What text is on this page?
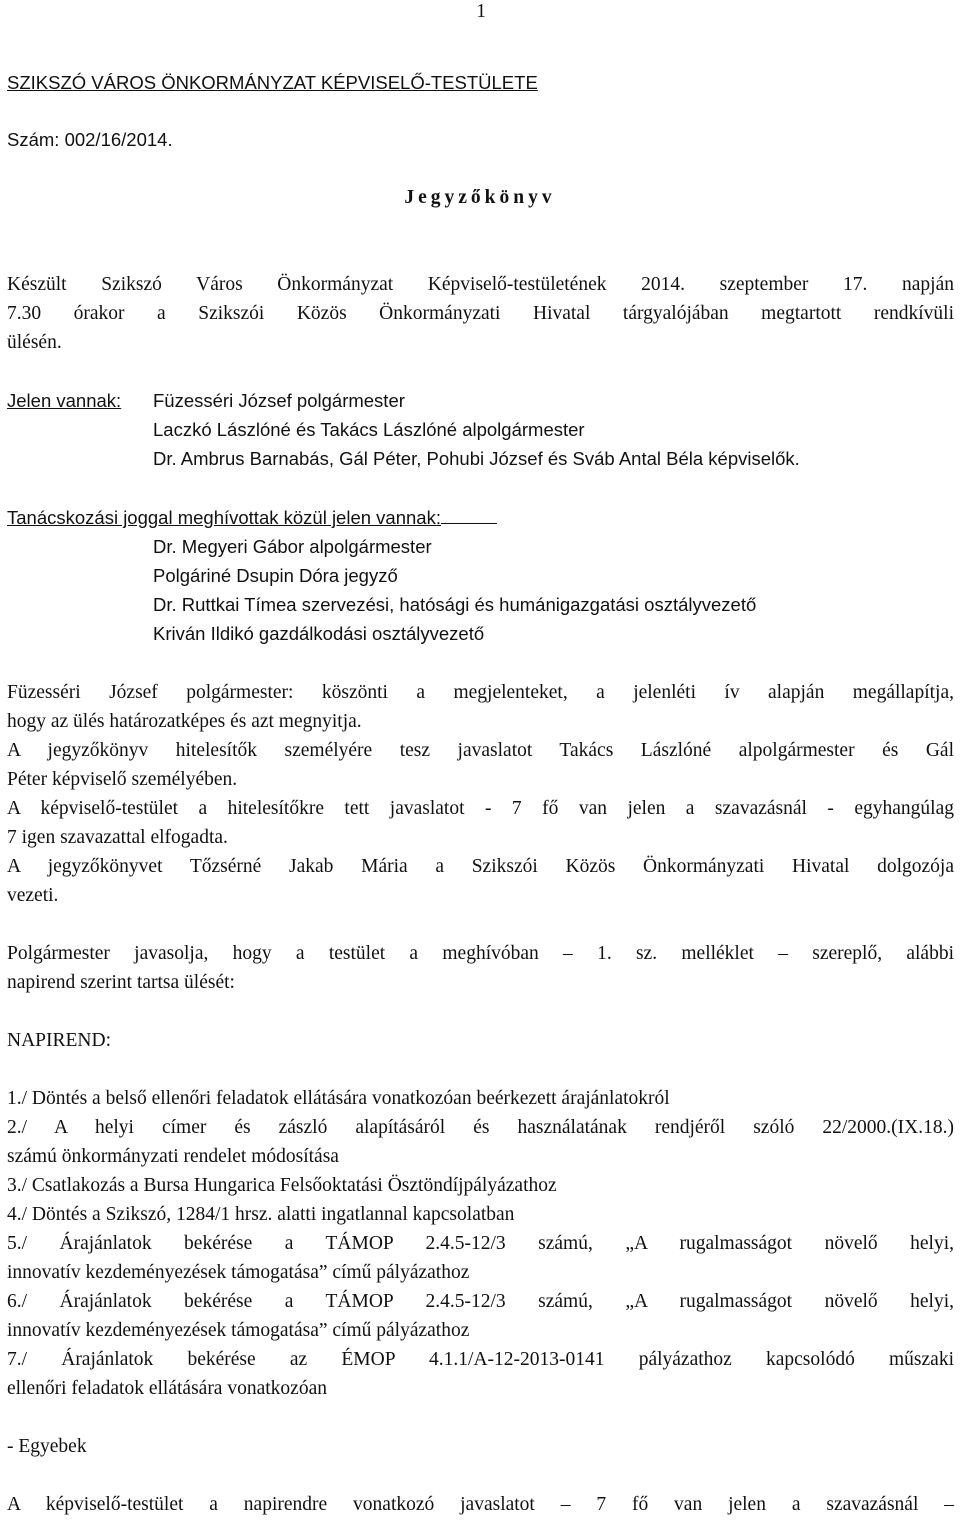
1
SZIKSZÓ VÁROS ÖNKORMÁNYZAT KÉPVISELŐ-TESTÜLETE
Szám: 002/16/2014.
Jegyzőkönyv
Készült Szikszó Város Önkormányzat Képviselő-testületének 2014. szeptember 17. napján
7.30 órakor a Szikszói Közös Önkormányzati Hivatal tárgyalójában megtartott rendkívüli
ülésén.
Jelen vannak: Füzesséri József polgármester
Laczkó Lászlóné és Takács Lászlóné alpolgármester
Dr. Ambrus Barnabás, Gál Péter, Pohubi József és Sváb Antal Béla képviselők.
Tanácskozási joggal meghívottak közül jelen vannak:
Dr. Megyeri Gábor alpolgármester
Polgáriné Dsupin Dóra jegyző
Dr. Ruttkai Tímea szervezési, hatósági és humánigazgatási osztályvezető
Kriván Ildikó gazdálkodási osztályvezető
Füzesséri József polgármester: köszönti a megjelenteket, a jelenléti ív alapján megállapítja,
hogy az ülés határozatképes és azt megnyitja.
A jegyzőkönyv hitelesítők személyére tesz javaslatot Takács Lászlóné alpolgármester és Gál
Péter képviselő személyében.
A képviselő-testület a hitelesítőkre tett javaslatot - 7 fő van jelen a szavazásnál - egyhangúlag
7 igen szavazattal elfogadta.
A jegyzőkönyvet Tőzsérné Jakab Mária a Szikszói Közös Önkormányzati Hivatal dolgozója
vezeti.
Polgármester javasolja, hogy a testület a meghívóban – 1. sz. melléklet – szereplő, alábbi
napirend szerint tartsa ülését:
NAPIREND:
1./ Döntés a belső ellenőri feladatok ellátására vonatkozóan beérkezett árajánlatokról
2./ A helyi címer és zászló alapításáról és használatának rendjéről szóló 22/2000.(IX.18.)
számú önkormányzati rendelet módosítása
3./ Csatlakozás a Bursa Hungarica Felsőoktatási Ösztöndíjpályázathoz
4./ Döntés a Szikszó, 1284/1 hrsz. alatti ingatlannal kapcsolatban
5./ Árajánlatok bekérése a TÁMOP 2.4.5-12/3 számú, „A rugalmasságot növelő helyi,
innovatív kezdeményezések támogatása” című pályázathoz
6./ Árajánlatok bekérése a TÁMOP 2.4.5-12/3 számú, „A rugalmasságot növelő helyi,
innovatív kezdeményezések támogatása” című pályázathoz
7./ Árajánlatok bekérése az ÉMOP 4.1.1/A-12-2013-0141 pályázathoz kapcsolódó műszaki
ellenőri feladatok ellátására vonatkozóan
- Egyebek
A képviselő-testület a napirendre vonatkozó javaslatot – 7 fő van jelen a szavazásnál –
